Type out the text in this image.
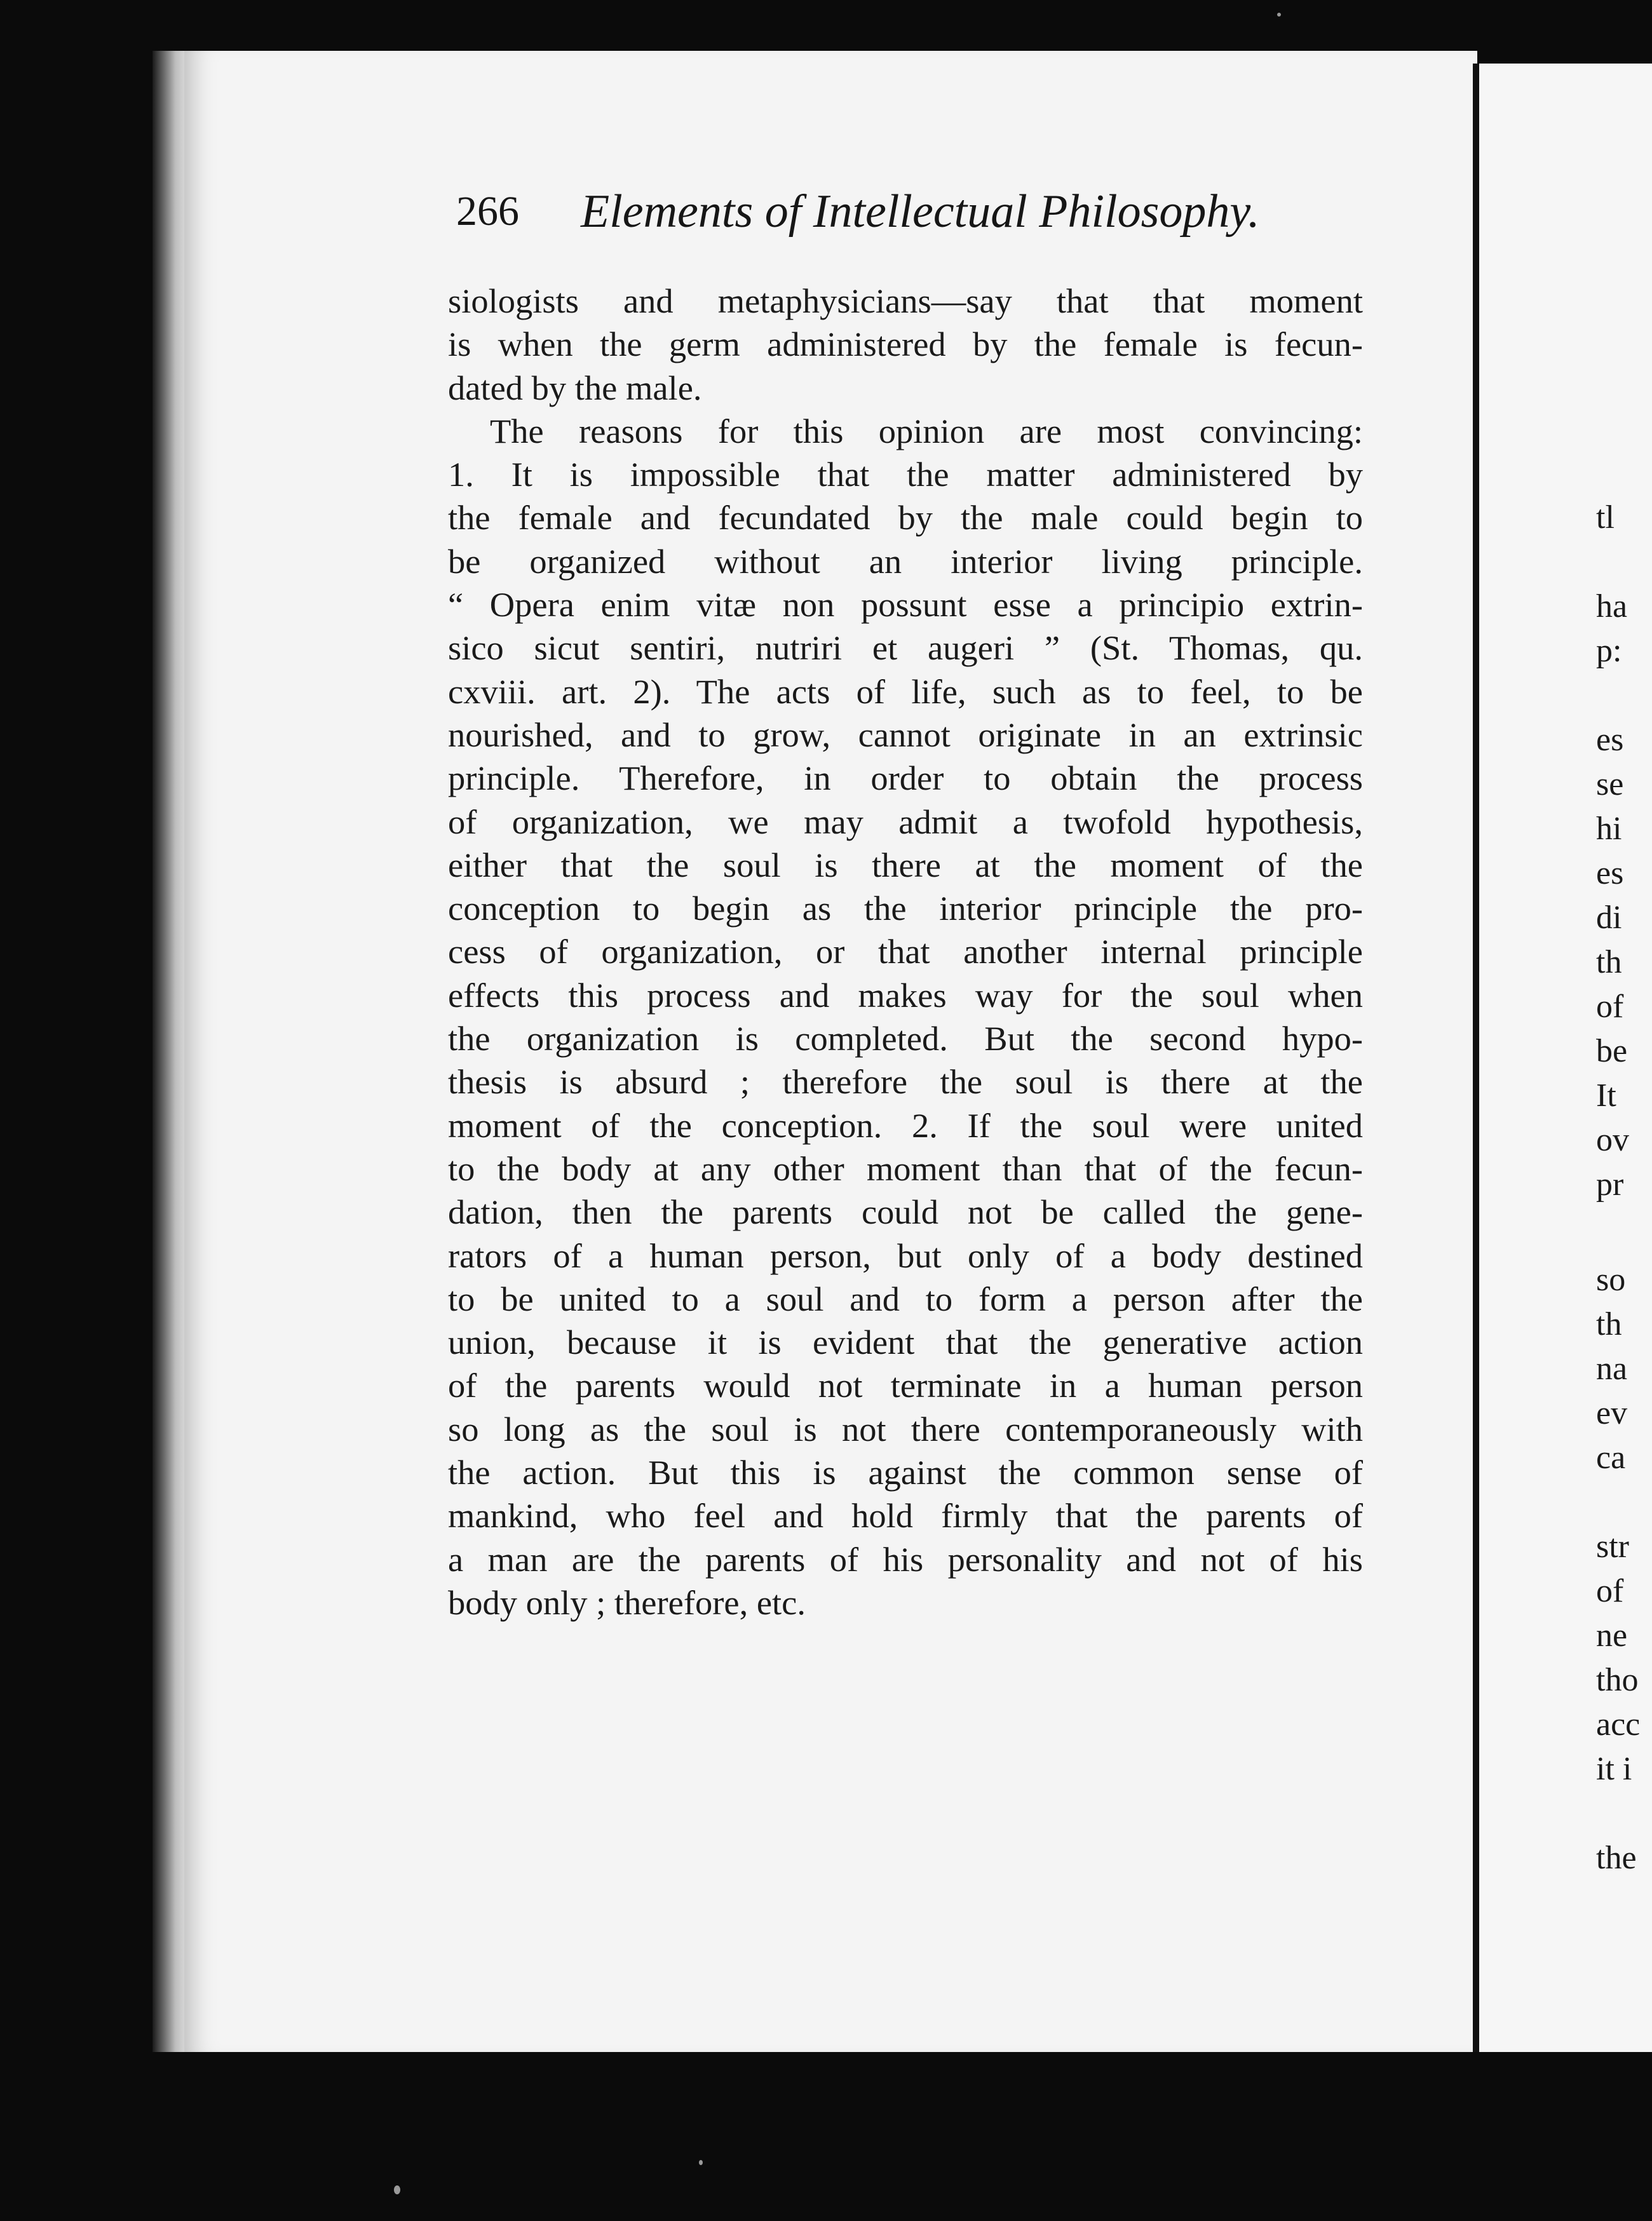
266 Elements of Intellectual Philosophy.
siologists and metaphysicians—say that that moment
is when the germ administered by the female is fecun-
dated by the male.
The reasons for this opinion are most convincing:
1. It is impossible that the matter administered by
the female and fecundated by the male could begin to
be organized without an interior living principle.
“ Opera enim vitæ non possunt esse a principio extrin-
sico sicut sentiri, nutriri et augeri ” (St. Thomas, qu.
cxviii. art. 2). The acts of life, such as to feel, to be
nourished, and to grow, cannot originate in an extrinsic
principle. Therefore, in order to obtain the process
of organization, we may admit a twofold hypothesis,
either that the soul is there at the moment of the
conception to begin as the interior principle the pro-
cess of organization, or that another internal principle
effects this process and makes way for the soul when
the organization is completed. But the second hypo-
thesis is absurd ; therefore the soul is there at the
moment of the conception. 2. If the soul were united
to the body at any other moment than that of the fecun-
dation, then the parents could not be called the gene-
rators of a human person, but only of a body destined
to be united to a soul and to form a person after the
union, because it is evident that the generative action
of the parents would not terminate in a human person
so long as the soul is not there contemporaneously with
the action. But this is against the common sense of
mankind, who feel and hold firmly that the parents of
a man are the parents of his personality and not of his
body only ; therefore, etc.
tl
ha
p:
es
se
hi
es
di
th
of
be
It
ov
pr
so
th
na
ev
ca
str
of
ne
tho
acc
it i
the
